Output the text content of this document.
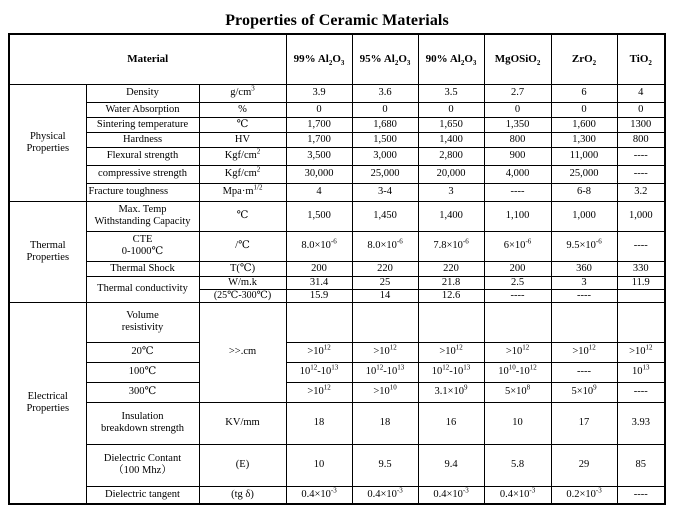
Properties of Ceramic Materials
Material			99% $Al_2O_3$	95% $Al_2O_3$	90% $Al_2O_3$	MgOSiO$_2$	ZrO$_2$	TiO$_2$
Physical Properties	Density	$g/cm^3$	3.9	3.6	3.5	2.7	6	4
	Water Absorption	%	0	0	0	0	0	0
	Sintering temperature	℃	1,700	1,680	1,650	1,350	1,600	1300
	Hardness	HV	1,700	1,500	1,400	800	1,300	800
	Flexural strength	Kgf/$cm^2$	3,500	3,000	2,800	900	11,000	----
	compressive strength	Kgf/$cm^2$	30,000	25,000	20,000	4,000	25,000	----
	Fracture toughness	$Mpa\cdot m^{1/2}$	4	3-4	3	----	6-8	3.2
Thermal Properties	Max. Temp
Withstanding Capacity	℃	1,500	1,450	1,400	1,100	1,000	1,000
	CTE
0-1000℃	/℃	$8.0\times 10^{-6}$	$8.0\times 10^{-6}$	$7.8\times 10^{-6}$	$6\times 10^{-6}$	$9.5\times 10^{-6}$	----
	Thermal Shock	T(℃)	200	220	220	200	360	330
	Thermal conductivity	W/m.k	31.4	25	21.8	2.5	3	11.9
		(25℃-300℃)	15.9	14	12.6	----	----	
Electrical Properties	Volume
resistivity	>>.cm						
	20℃		$>10^{12}$	$>10^{12}$	$>10^{12}$	$>10^{12}$	$>10^{12}$	$>10^{12}$
	100℃		$10^{12}-10^{13}$	$10^{12}-10^{13}$	$10^{12}-10^{13}$	$10^{10}-10^{12}$	----	$10^{13}$
	300℃		$>10^{12}$	$>10^{10}$	$3.1\times 10^9$	$5\times 10^8$	$5\times 10^9$	----
	Insulation
breakdown strength	KV/mm	18	18	16	10	17	3.93
	Dielectric Contant
（100 Mhz）	(E)	10	9.5	9.4	5.8	29	85
	Dielectric tangent	(tg δ)	$0.4\times 10^{-3}$	$0.4\times 10^{-3}$	$0.4\times 10^{-3}$	$0.4\times 10^{-3}$	$0.2\times 10^{-3}$	----
